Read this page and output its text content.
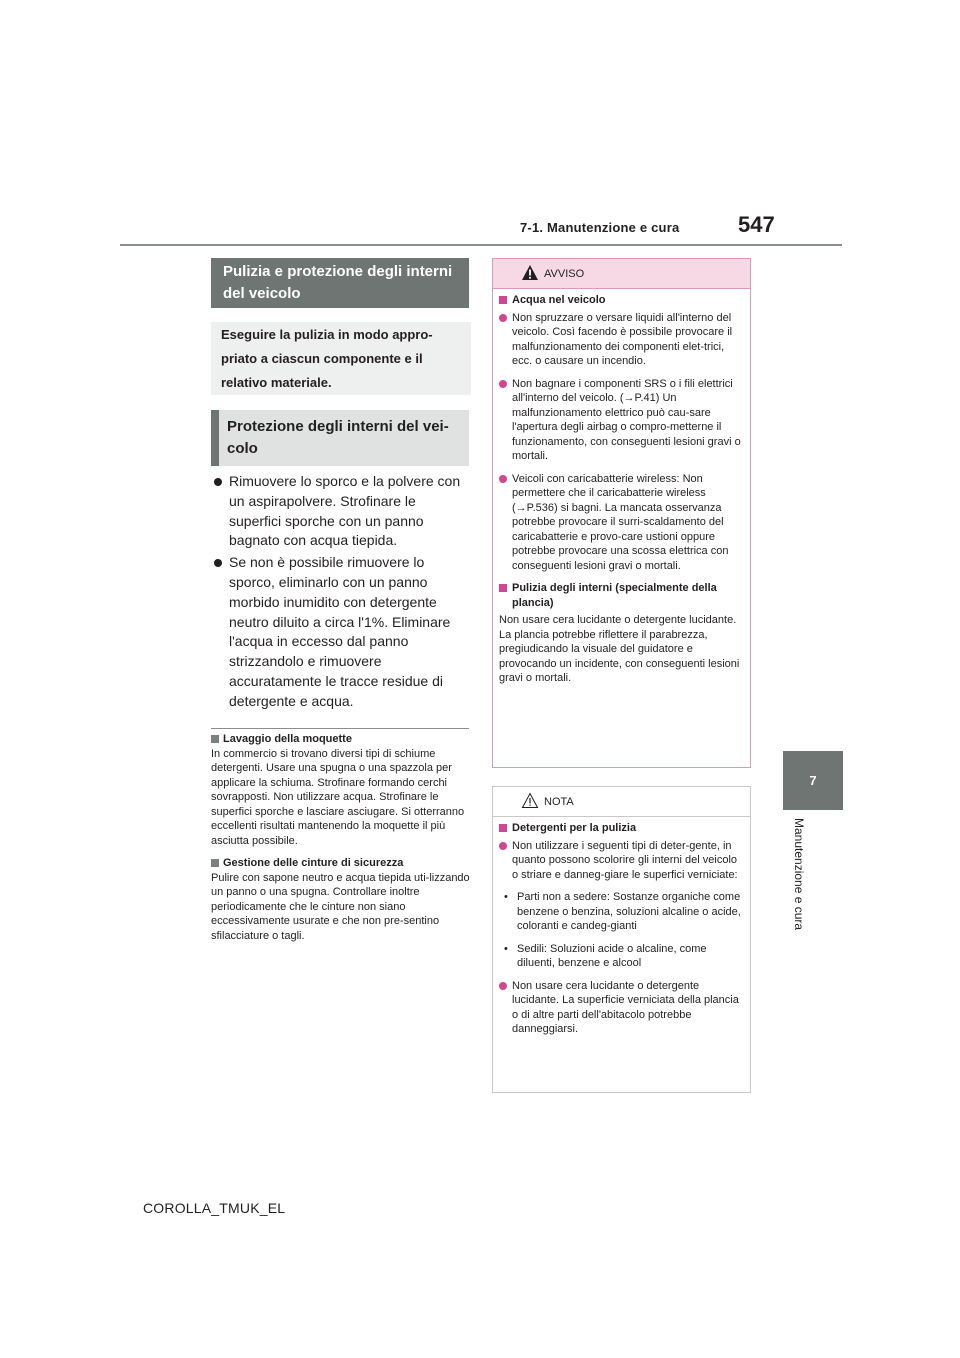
7-1. Manutenzione e cura	547
7
Manutenzione e cura
Pulizia e protezione degli interni del veicolo
Eseguire la pulizia in modo appro-priato a ciascun componente e il relativo materiale.
Protezione degli interni del vei-colo
Rimuovere lo sporco e la polvere con un aspirapolvere. Strofinare le superfici sporche con un panno bagnato con acqua tiepida.
Se non è possibile rimuovere lo sporco, eliminarlo con un panno morbido inumidito con detergente neutro diluito a circa l'1%. Eliminare l'acqua in eccesso dal panno strizzandolo e rimuovere accuratamente le tracce residue di detergente e acqua.
Lavaggio della moquette
In commercio si trovano diversi tipi di schiume detergenti. Usare una spugna o una spazzola per applicare la schiuma. Strofinare formando cerchi sovrapposti. Non utilizzare acqua. Strofinare le superfici sporche e lasciare asciugare. Si otterranno eccellenti risultati mantenendo la moquette il più asciutta possibile.
Gestione delle cinture di sicurezza
Pulire con sapone neutro e acqua tiepida uti-lizzando un panno o una spugna. Controllare inoltre periodicamente che le cinture non siano eccessivamente usurate e che non pre-sentino sfilacciature o tagli.
AVVISO
Acqua nel veicolo
Non spruzzare o versare liquidi all'interno del veicolo. Così facendo è possibile provocare il malfunzionamento dei componenti elet-trici, ecc. o causare un incendio.
Non bagnare i componenti SRS o i fili elettrici all'interno del veicolo. (→P.41) Un malfunzionamento elettrico può cau-sare l'apertura degli airbag o compro-metterne il funzionamento, con conseguenti lesioni gravi o mortali.
Veicoli con caricabatterie wireless: Non permettere che il caricabatterie wireless (→P.536) si bagni. La mancata osservanza potrebbe provocare il surri-scaldamento del caricabatterie e provo-care ustioni oppure potrebbe provocare una scossa elettrica con conseguenti lesioni gravi o mortali.
Pulizia degli interni (specialmente della plancia)
Non usare cera lucidante o detergente lucidante. La plancia potrebbe riflettere il parabrezza, pregiudicando la visuale del guidatore e provocando un incidente, con conseguenti lesioni gravi o mortali.
NOTA
Detergenti per la pulizia
Non utilizzare i seguenti tipi di deter-gente, in quanto possono scolorire gli interni del veicolo o striare e danneg-giare le superfici verniciate:
• Parti non a sedere: Sostanze organiche come benzene o benzina, soluzioni alcaline o acide, coloranti e candeg-gianti
• Sedili: Soluzioni acide o alcaline, come diluenti, benzene e alcool
Non usare cera lucidante o detergente lucidante. La superficie verniciata della plancia o di altre parti dell'abitacolo potrebbe danneggiarsi.
COROLLA_TMUK_EL
